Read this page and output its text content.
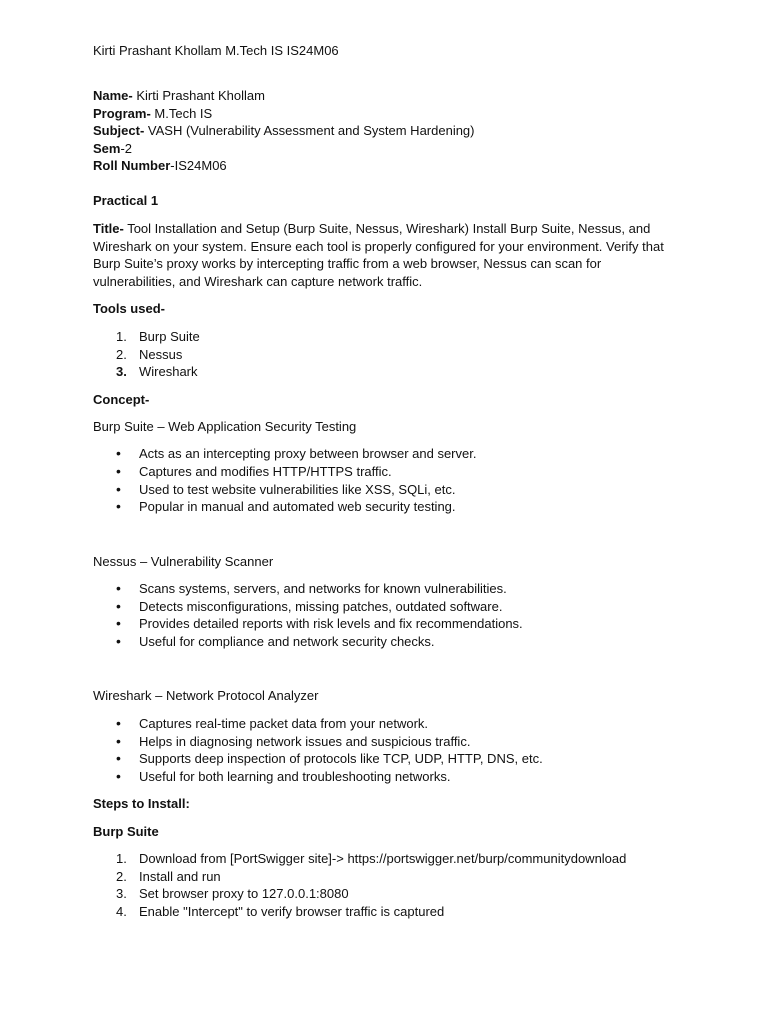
Kirti Prashant Khollam M.Tech IS IS24M06
Name- Kirti Prashant Khollam
Program- M.Tech IS
Subject- VASH (Vulnerability Assessment and System Hardening)
Sem-2
Roll Number-IS24M06
Practical 1
Title- Tool Installation and Setup (Burp Suite, Nessus, Wireshark) Install Burp Suite, Nessus, and Wireshark on your system. Ensure each tool is properly configured for your environment. Verify that Burp Suite’s proxy works by intercepting traffic from a web browser, Nessus can scan for vulnerabilities, and Wireshark can capture network traffic.
Tools used-
1. Burp Suite
2. Nessus
3. Wireshark
Concept-
Burp Suite – Web Application Security Testing
•
Acts as an intercepting proxy between browser and server.
•
Captures and modifies HTTP/HTTPS traffic.
•
Used to test website vulnerabilities like XSS, SQLi, etc.
•
Popular in manual and automated web security testing.
Nessus – Vulnerability Scanner
•
Scans systems, servers, and networks for known vulnerabilities.
•
Detects misconfigurations, missing patches, outdated software.
•
Provides detailed reports with risk levels and fix recommendations.
•
Useful for compliance and network security checks.
Wireshark – Network Protocol Analyzer
•
Captures real-time packet data from your network.
•
Helps in diagnosing network issues and suspicious traffic.
•
Supports deep inspection of protocols like TCP, UDP, HTTP, DNS, etc.
•
Useful for both learning and troubleshooting networks.
Steps to Install:
Burp Suite
1. Download from [PortSwigger site]-> https://portswigger.net/burp/communitydownload
2. Install and run
3. Set browser proxy to 127.0.0.1:8080
4. Enable "Intercept" to verify browser traffic is captured
